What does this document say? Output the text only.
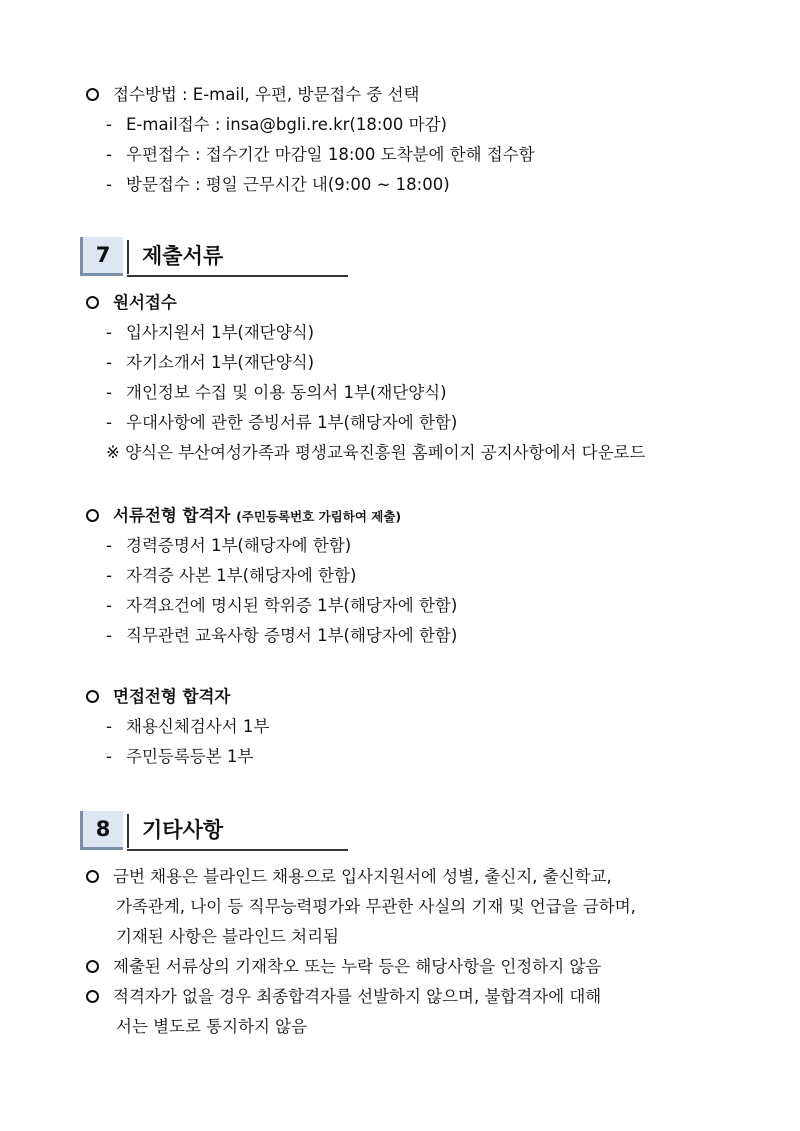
접수방법 : E-mail, 우편, 방문접수 중 선택
- E-mail접수 : insa@bgli.re.kr(18:00 마감)
- 우편접수 : 접수기간 마감일 18:00 도착분에 한해 접수함
- 방문접수 : 평일 근무시간 내(9:00 ~ 18:00)
7	제출서류
원서접수
- 입사지원서 1부(재단양식)
- 자기소개서 1부(재단양식)
- 개인정보 수집 및 이용 동의서 1부(재단양식)
- 우대사항에 관한 증빙서류 1부(해당자에 한함)
※ 양식은 부산여성가족과 평생교육진흥원 홈페이지 공지사항에서 다운로드
서류전형 합격자 (주민등록번호 가림하여 제출)
- 경력증명서 1부(해당자에 한함)
- 자격증 사본 1부(해당자에 한함)
- 자격요건에 명시된 학위증 1부(해당자에 한함)
- 직무관련 교육사항 증명서 1부(해당자에 한함)
면접전형 합격자
- 채용신체검사서 1부
- 주민등록등본 1부
8	기타사항
금번 채용은 블라인드 채용으로 입사지원서에 성별, 출신지, 출신학교,
가족관계, 나이 등 직무능력평가와 무관한 사실의 기재 및 언급을 금하며,
기재된 사항은 블라인드 처리됨
제출된 서류상의 기재착오 또는 누락 등은 해당사항을 인정하지 않음
적격자가 없을 경우 최종합격자를 선발하지 않으며, 불합격자에 대해
서는 별도로 통지하지 않음
